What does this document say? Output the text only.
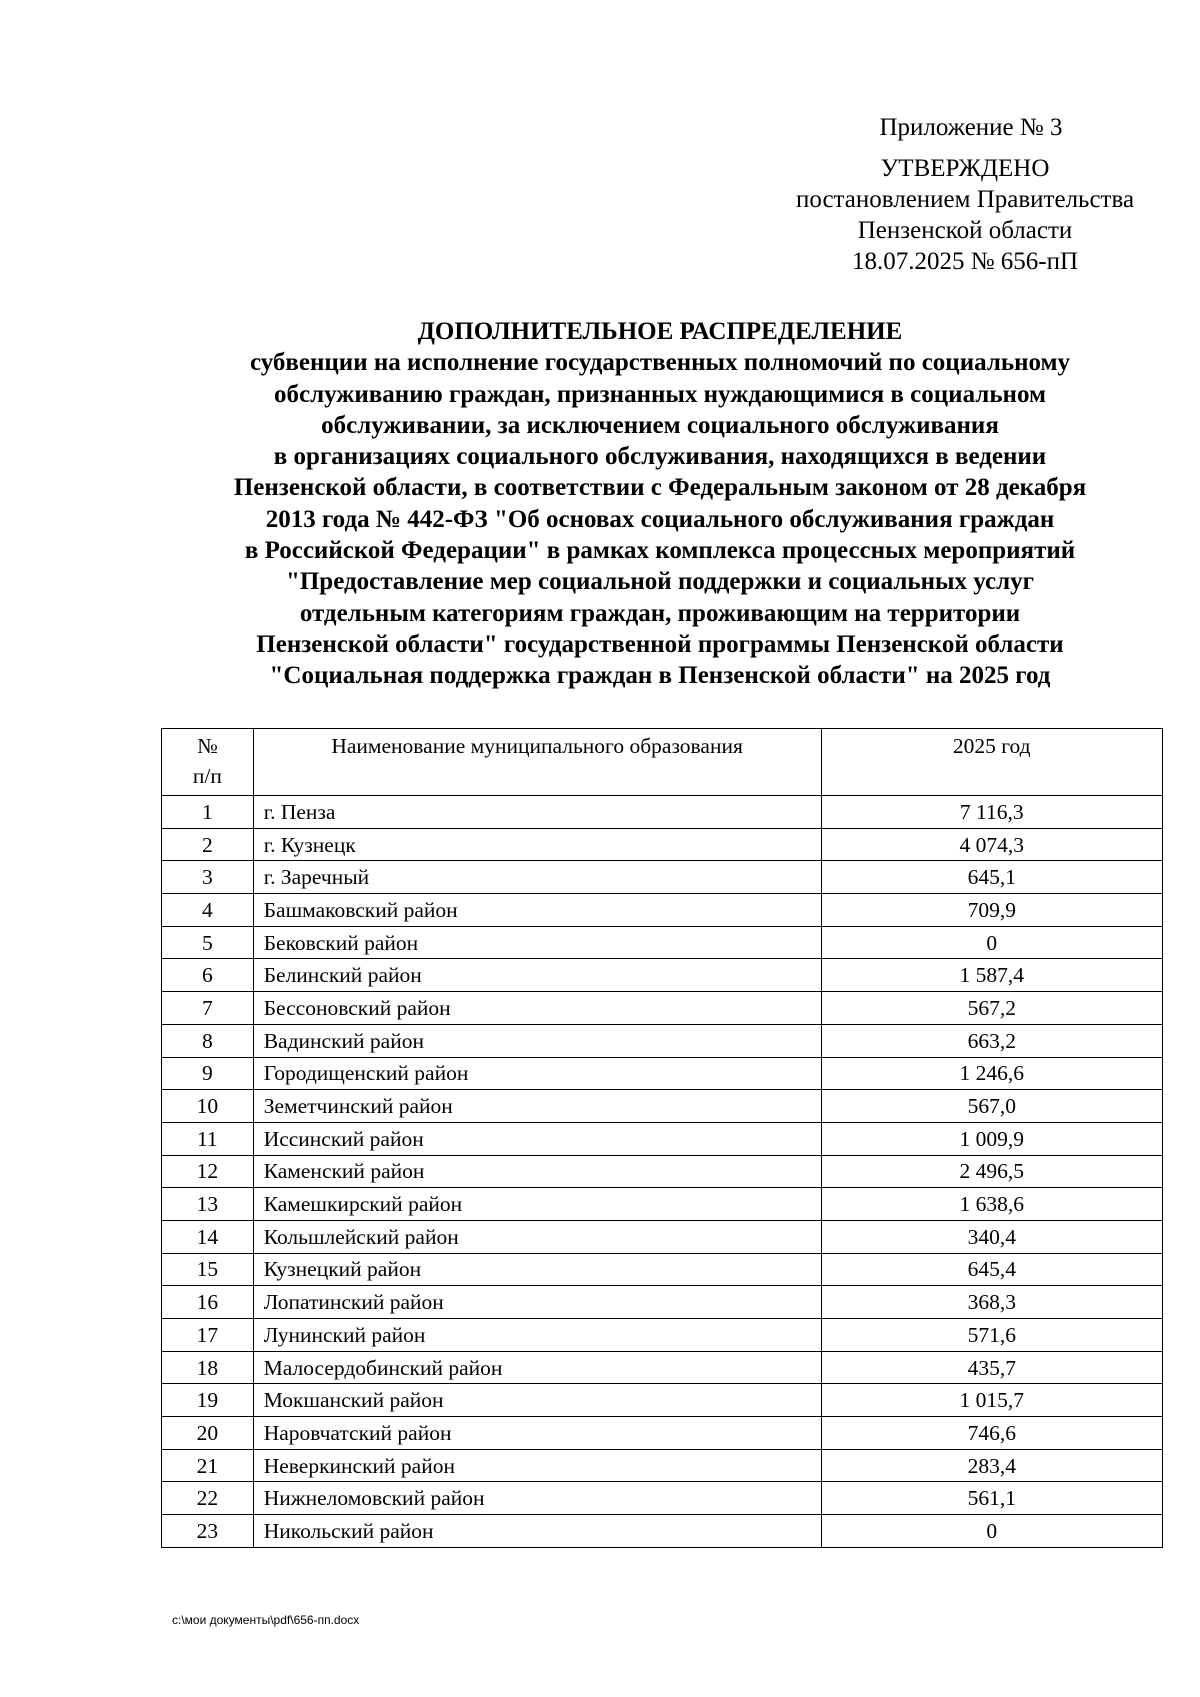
Приложение № 3
УТВЕРЖДЕНО
постановлением Правительства
Пензенской области
18.07.2025 № 656-пП
ДОПОЛНИТЕЛЬНОЕ РАСПРЕДЕЛЕНИЕ
субвенции на исполнение государственных полномочий по социальному
обслуживанию граждан, признанных нуждающимися в социальном
обслуживании, за исключением социального обслуживания
в организациях социального обслуживания, находящихся в ведении
Пензенской области, в соответствии с Федеральным законом от 28 декабря
2013 года № 442-ФЗ "Об основах социального обслуживания граждан
в Российской Федерации" в рамках комплекса процессных мероприятий
"Предоставление мер социальной поддержки и социальных услуг
отдельным категориям граждан, проживающим на территории
Пензенской области" государственной программы Пензенской области
"Социальная поддержка граждан в Пензенской области" на 2025 год
№
п/п	Наименование муниципального образования	2025 год
1	г. Пенза	7 116,3
2	г. Кузнецк	4 074,3
3	г. Заречный	645,1
4	Башмаковский район	709,9
5	Бековский район	0
6	Белинский район	1 587,4
7	Бессоновский район	567,2
8	Вадинский район	663,2
9	Городищенский район	1 246,6
10	Земетчинский район	567,0
11	Иссинский район	1 009,9
12	Каменский район	2 496,5
13	Камешкирский район	1 638,6
14	Кольшлейский район	340,4
15	Кузнецкий район	645,4
16	Лопатинский район	368,3
17	Лунинский район	571,6
18	Малосердобинский район	435,7
19	Мокшанский район	1 015,7
20	Наровчатский район	746,6
21	Неверкинский район	283,4
22	Нижнеломовский район	561,1
23	Никольский район	0
c:\мои документы\pdf\656-пп.docx
